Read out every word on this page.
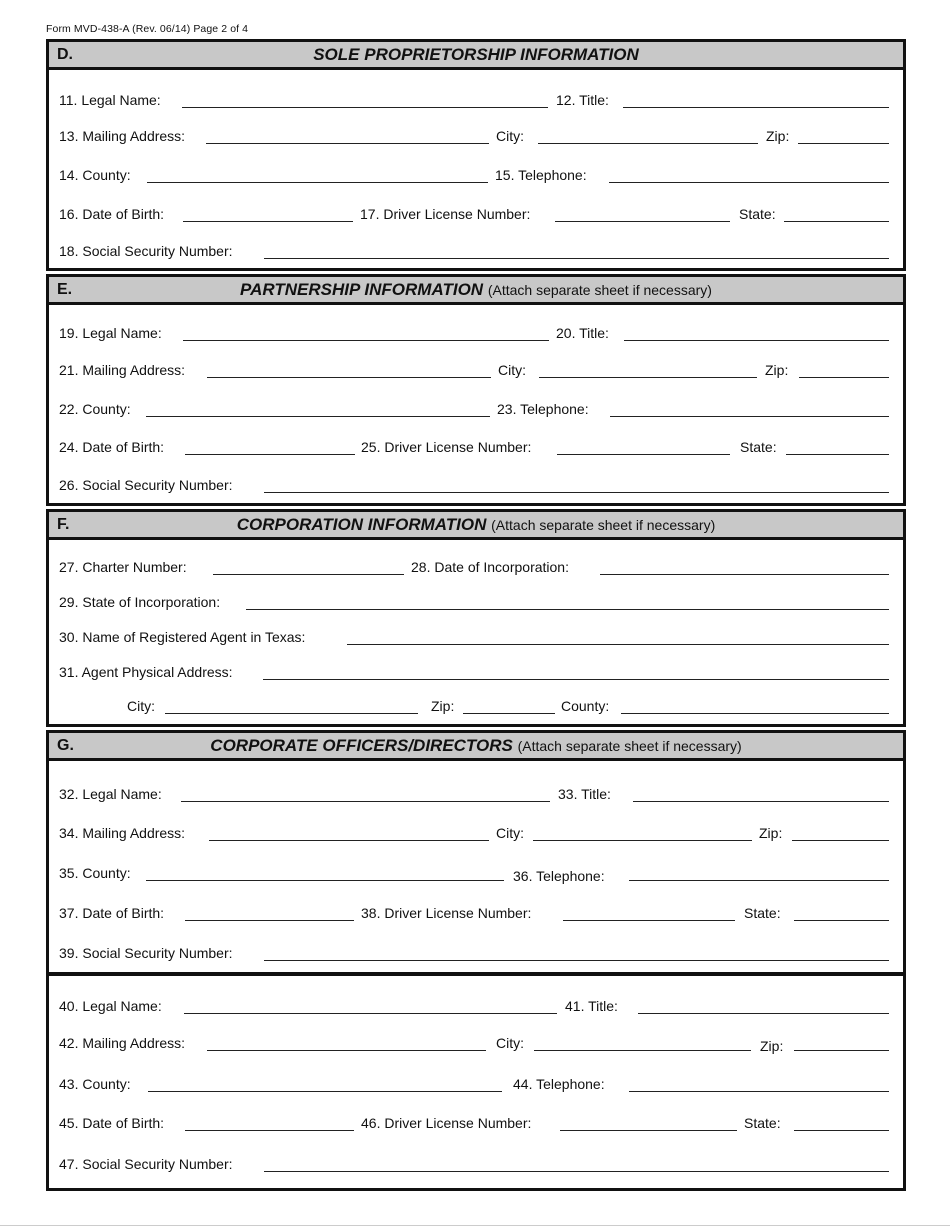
Form MVD-438-A (Rev. 06/14) Page 2 of 4
D.	SOLE PROPRIETORSHIP INFORMATION
11. Legal Name:	12. Title:
13. Mailing Address:	City:	Zip:
14. County:	15. Telephone:
16. Date of Birth:	17. Driver License Number:	State:
18. Social Security Number:
E.	PARTNERSHIP INFORMATION (Attach separate sheet if necessary)
19. Legal Name:	20. Title:
21. Mailing Address:	City:	Zip:
22. County:	23. Telephone:
24. Date of Birth:	25. Driver License Number:	State:
26. Social Security Number:
F.	CORPORATION INFORMATION (Attach separate sheet if necessary)
27. Charter Number:	28. Date of Incorporation:
29. State of Incorporation:
30. Name of Registered Agent in Texas:
31. Agent Physical Address:
City:	Zip:	County:
G.	CORPORATE OFFICERS/DIRECTORS (Attach separate sheet if necessary)
32. Legal Name:	33. Title:
34. Mailing Address:	City:	Zip:
35. County:	36. Telephone:
37. Date of Birth:	38. Driver License Number:	State:
39. Social Security Number:
40. Legal Name:	41. Title:
42. Mailing Address:	City:	Zip:
43. County:	44. Telephone:
45. Date of Birth:	46. Driver License Number:	State:
47. Social Security Number:
